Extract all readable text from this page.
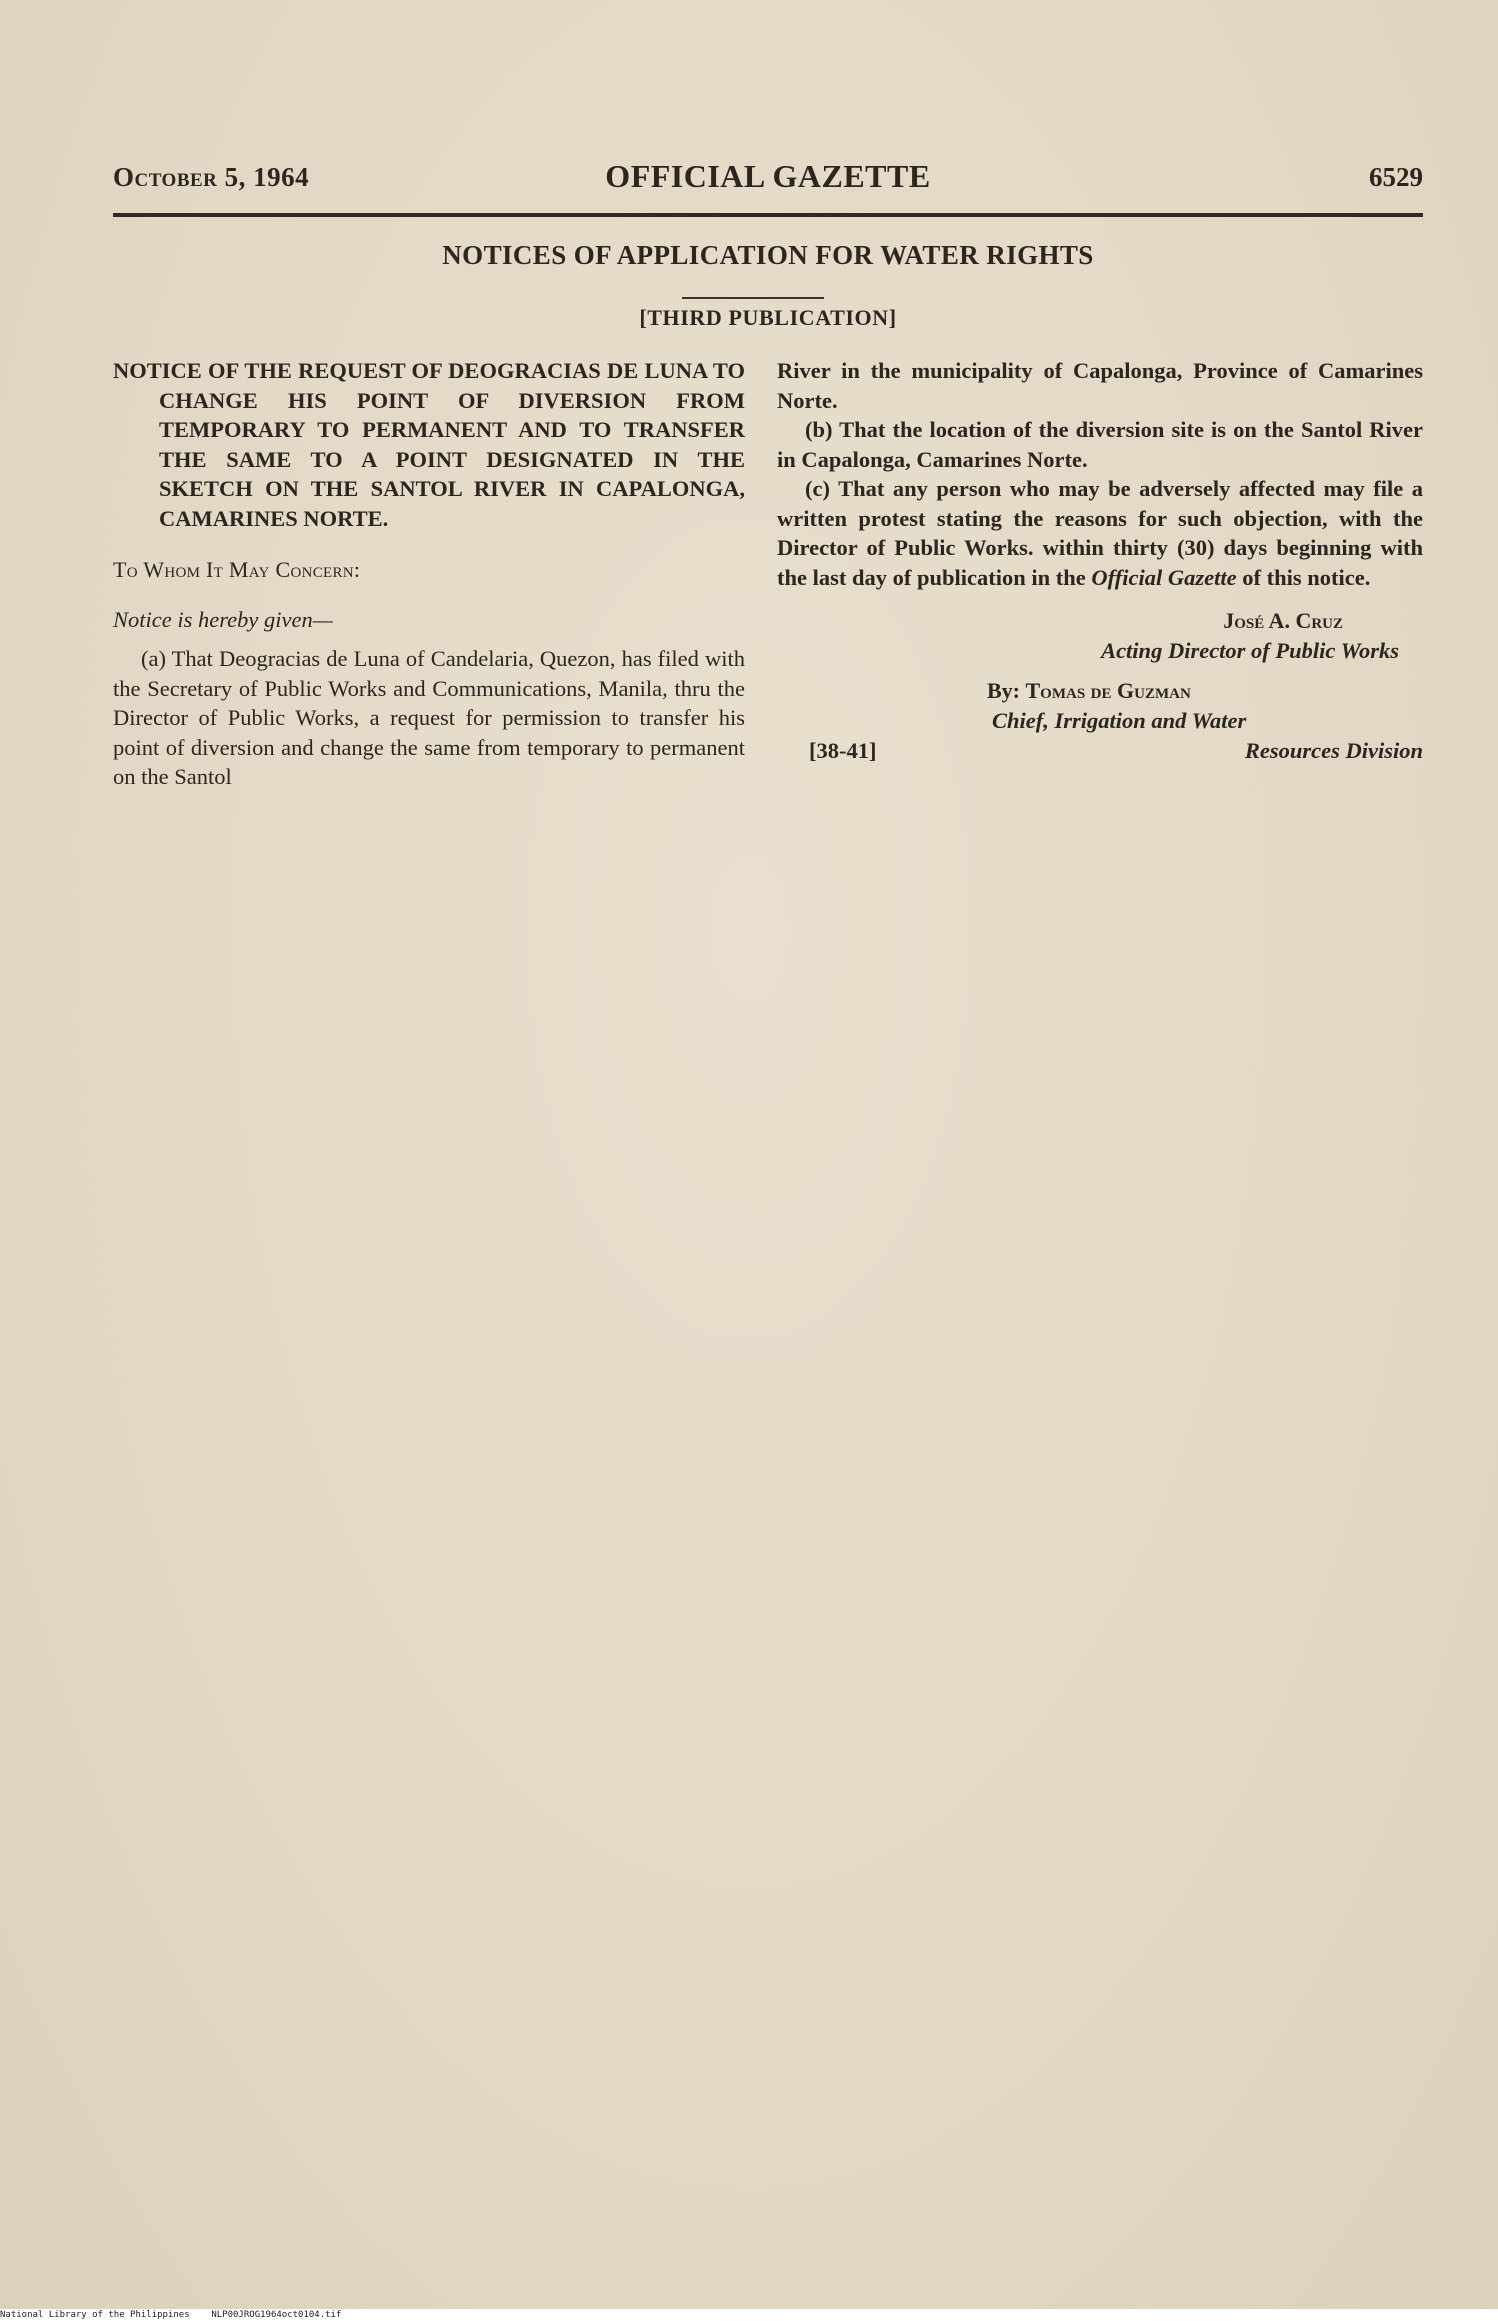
October 5, 1964	OFFICIAL GAZETTE	6529
NOTICES OF APPLICATION FOR WATER RIGHTS
[THIRD PUBLICATION]

NOTICE OF THE REQUEST OF DEOGRACIAS DE LUNA TO CHANGE HIS POINT OF DIVERSION FROM TEMPORARY TO PERMANENT AND TO TRANSFER THE SAME TO A POINT DESIGNATED IN THE SKETCH ON THE SANTOL RIVER IN CAPALONGA, CAMARINES NORTE.

To Whom It May Concern:
Notice is hereby given—

(a) That Deogracias de Luna of Candelaria, Quezon, has filed with the Secretary of Public Works and Communications, Manila, thru the Director of Public Works, a request for permission to transfer his point of diversion and change the same from temporary to permanent on the Santol

River in the municipality of Capalonga, Province of Camarines Norte.

(b) That the location of the diversion site is on the Santol River in Capalonga, Camarines Norte.

(c) That any person who may be adversely affected may file a written protest stating the reasons for such objection, with the Director of Public Works. within thirty (30) days beginning with the last day of publication in the Official Gazette of this notice.

José A. Cruz
Acting Director of Public Works
By: Tomas de Guzman
Chief, Irrigation and Water
[38-41]	Resources Division
National Library of the Philippines NLP00JROG1964oct0104.tif
